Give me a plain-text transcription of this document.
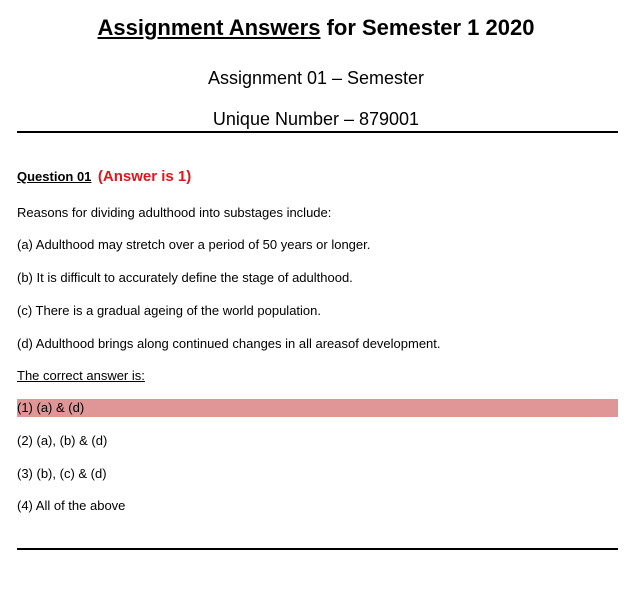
Assignment Answers for Semester 1 2020
Assignment 01 – Semester
Unique Number – 879001
Question 01 (Answer is 1)
Reasons for dividing adulthood into substages include:
(a) Adulthood may stretch over a period of 50 years or longer.
(b) It is difficult to accurately define the stage of adulthood.
(c) There is a gradual ageing of the world population.
(d) Adulthood brings along continued changes in all areasof development.
The correct answer is:
(1) (a) & (d)
(2) (a), (b) & (d)
(3) (b), (c) & (d)
(4) All of the above
